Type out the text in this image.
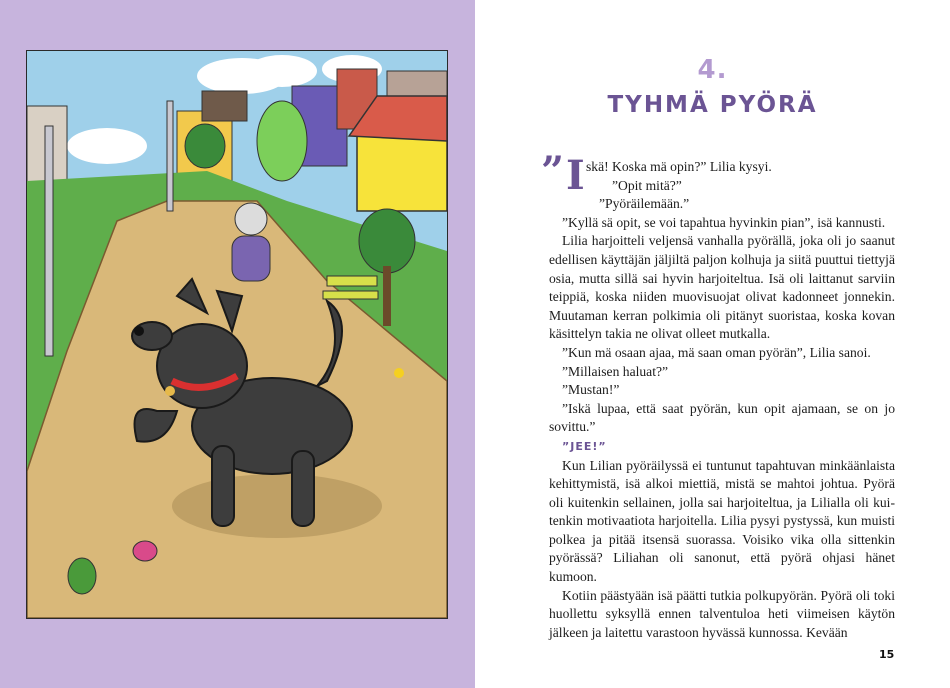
4.
TYHMÄ PYÖRÄ

” I skä! Koska mä opin?” Lilia kysyi.

”Opit mitä?”

”Pyöräilemään.”

”Kyllä sä opit, se voi tapahtua hyvinkin pian”, isä kannusti.

Lilia harjoitteli veljensä vanhalla pyörällä, joka oli jo saanut edellisen käyttäjän jäljiltä paljon kolhuja ja siitä puuttui tiettyjä osia, mutta sillä sai hyvin harjoiteltua. Isä oli laittanut sarviin teippiä, koska niiden muovisuojat olivat kadonneet jonnekin. Muutaman kerran polkimia oli pitänyt suoristaa, koska kovan käsittelyn takia ne olivat olleet mutkalla.

”Kun mä osaan ajaa, mä saan oman pyörän”, Lilia sanoi.

”Millaisen haluat?”

”Mustan!”

”Iskä lupaa, että saat pyörän, kun opit ajamaan, se on jo sovittu.”

”JEE!”

Kun Lilian pyöräilyssä ei tuntunut tapahtuvan minkäänlaista kehittymistä, isä alkoi miettiä, mistä se mahtoi johtua. Pyörä oli kuitenkin sellainen, jolla sai harjoiteltua, ja Lilialla oli kuitenkin motivaatiota harjoitella. Lilia pysyi pystyssä, kun muisti polkea ja pitää itsensä suorassa. Voisiko vika olla sittenkin pyörässä? Liliahan oli sanonut, että pyörä ohjasi hänet kumoon.

Kotiin päästyään isä päätti tutkia polkupyörän. Pyörä oli toki huollettu syksyllä ennen talventuloa heti viimeisen käytön jälkeen ja laitettu varastoon hyvässä kunnossa. Kevään

15
